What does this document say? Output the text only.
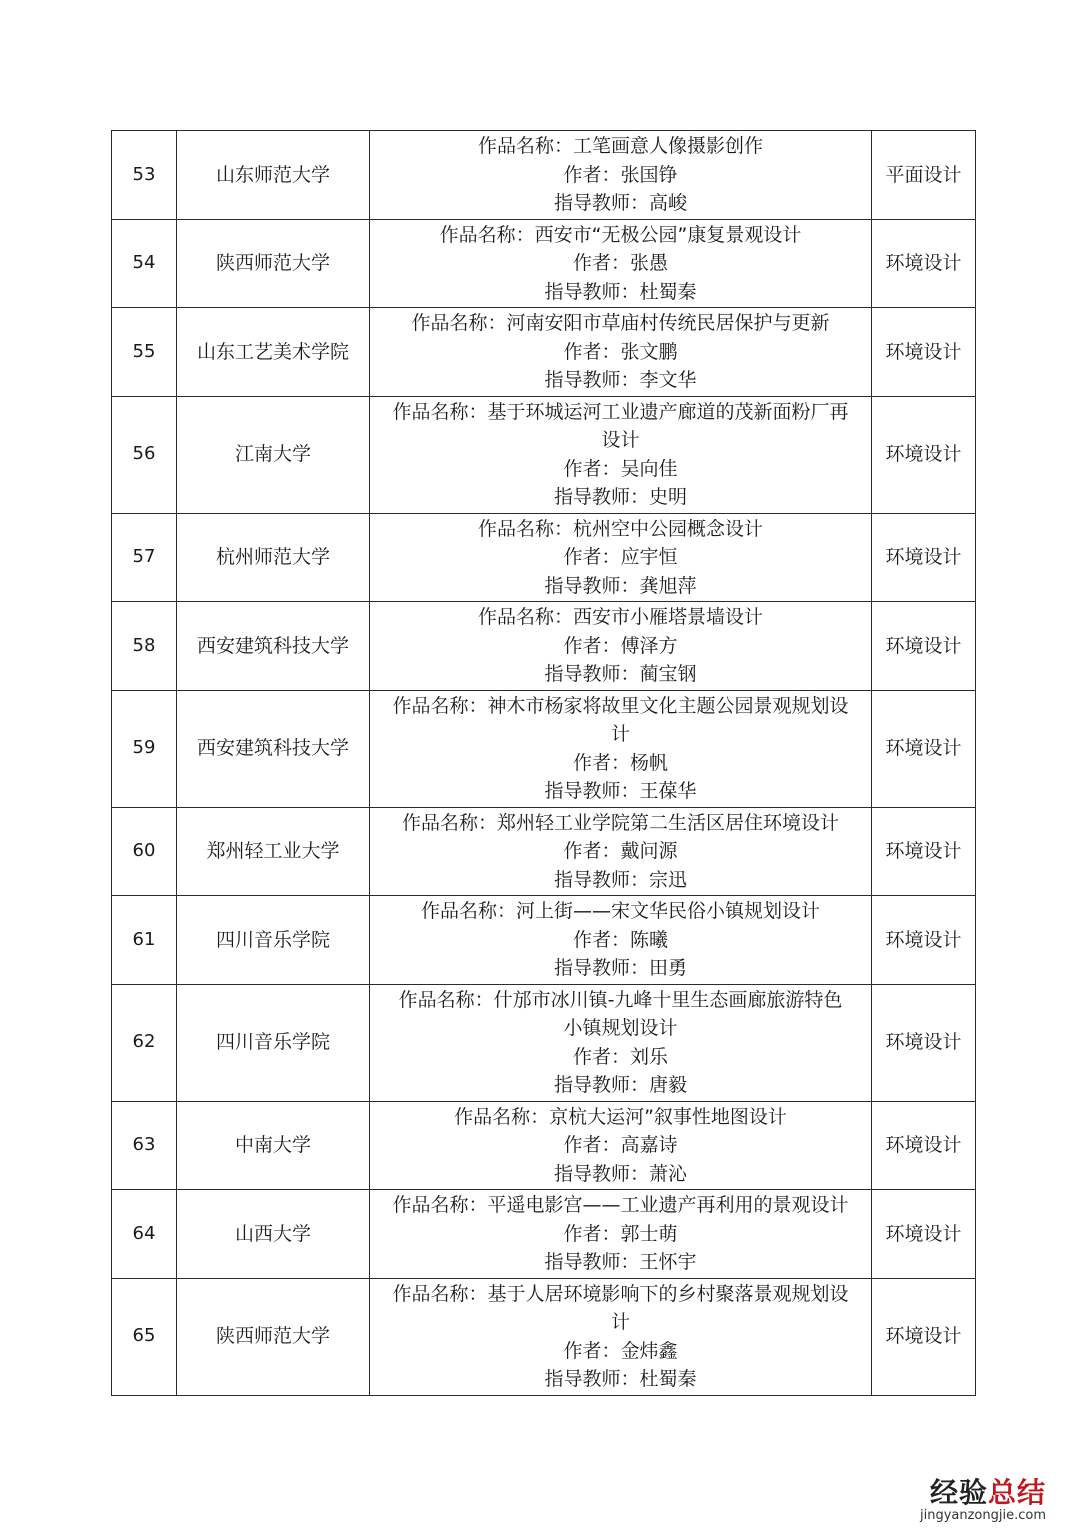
53	山东师范大学	作品名称：工笔画意人像摄影创作
作者：张国铮
指导教师：高峻	平面设计
54	陕西师范大学	作品名称：西安市“无极公园”康复景观设计
作者：张愚
指导教师：杜蜀秦	环境设计
55	山东工艺美术学院	作品名称：河南安阳市草庙村传统民居保护与更新
作者：张文鹏
指导教师：李文华	环境设计
56	江南大学	作品名称：基于环城运河工业遗产廊道的茂新面粉厂再
设计
作者：吴向佳
指导教师：史明	环境设计
57	杭州师范大学	作品名称：杭州空中公园概念设计
作者：应宇恒
指导教师：龚旭萍	环境设计
58	西安建筑科技大学	作品名称：西安市小雁塔景墙设计
作者：傅泽方
指导教师：蔺宝钢	环境设计
59	西安建筑科技大学	作品名称：神木市杨家将故里文化主题公园景观规划设
计
作者：杨帆
指导教师：王葆华	环境设计
60	郑州轻工业大学	作品名称：郑州轻工业学院第二生活区居住环境设计
作者：戴问源
指导教师：宗迅	环境设计
61	四川音乐学院	作品名称：河上街——宋文华民俗小镇规划设计
作者：陈曦
指导教师：田勇	环境设计
62	四川音乐学院	作品名称：什邡市冰川镇-九峰十里生态画廊旅游特色
小镇规划设计
作者：刘乐
指导教师：唐毅	环境设计
63	中南大学	作品名称：京杭大运河”叙事性地图设计
作者：高嘉诗
指导教师：萧沁	环境设计
64	山西大学	作品名称：平遥电影宫——工业遗产再利用的景观设计
作者：郭士萌
指导教师：王怀宇	环境设计
65	陕西师范大学	作品名称：基于人居环境影响下的乡村聚落景观规划设
计
作者：金炜鑫
指导教师：杜蜀秦	环境设计
经验总结
jingyanzongjie.com
